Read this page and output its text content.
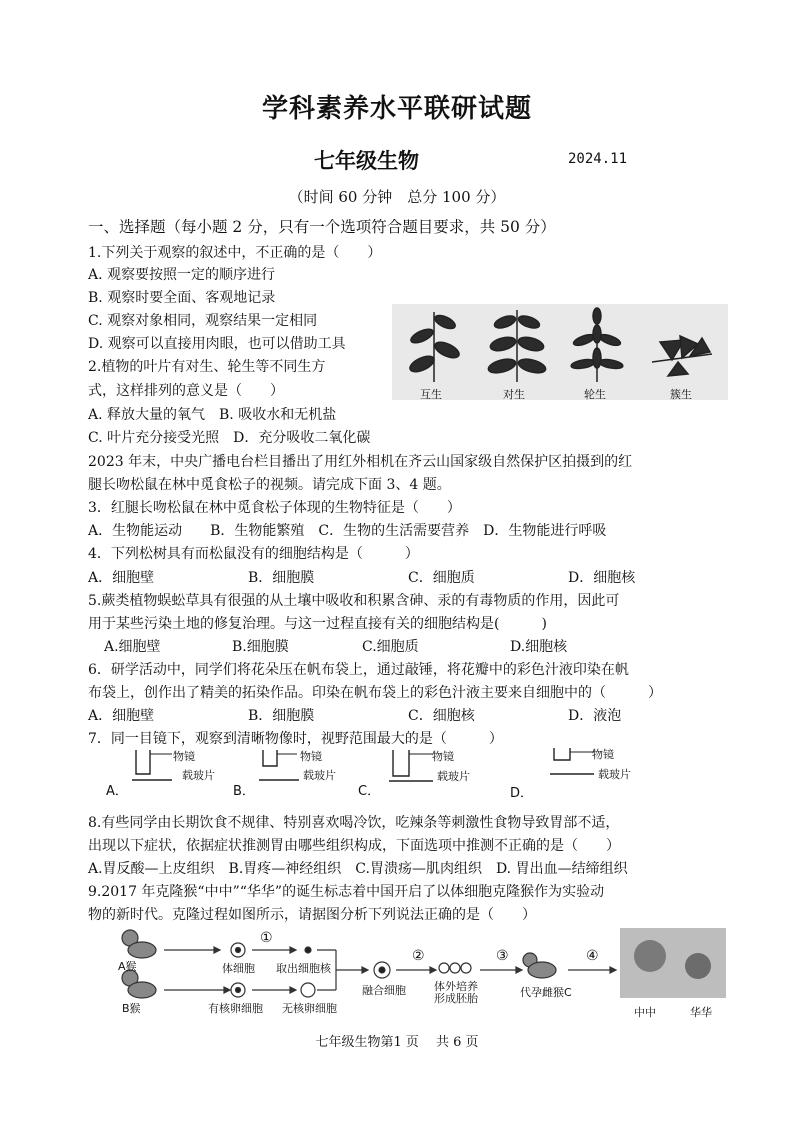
学科素养水平联研试题
七年级生物	2024.11
（时间 60 分钟　总分 100 分）
一、选择题（每小题 2 分，只有一个选项符合题目要求，共 50 分）
1.下列关于观察的叙述中，不正确的是（　　）
A. 观察要按照一定的顺序进行
B. 观察时要全面、客观地记录
C. 观察对象相同，观察结果一定相同
D. 观察可以直接用肉眼，也可以借助工具
2.植物的叶片有对生、轮生等不同生方
式，这样排列的意义是（　　）
A. 释放大量的氧气　B. 吸收水和无机盐
C. 叶片充分接受光照　D．充分吸收二氧化碳
互生	对生	轮生	簇生
2023 年末，中央广播电台栏目播出了用红外相机在齐云山国家级自然保护区拍摄到的红
腿长吻松鼠在林中觅食松子的视频。请完成下面 3、4 题。
3．红腿长吻松鼠在林中觅食松子体现的生物特征是（　　）
A．生物能运动　　B．生物能繁殖　C．生物的生活需要营养　D．生物能进行呼吸
4．下列松树具有而松鼠没有的细胞结构是（　　　）
A．细胞壁	B．细胞膜	C．细胞质	D．细胞核
5.蕨类植物蜈蚣草具有很强的从土壤中吸收和积累含砷、汞的有毒物质的作用，因此可
用于某些污染土地的修复治理。与这一过程直接有关的细胞结构是(　　　)
A.细胞壁	B.细胞膜	C.细胞质	D.细胞核
6．研学活动中，同学们将花朵压在帆布袋上，通过敲锤，将花瓣中的彩色汁液印染在帆
布袋上，创作出了精美的拓染作品。印染在帆布袋上的彩色汁液主要来自细胞中的（　　　）
A．细胞壁	B．细胞膜	C．细胞核	D．液泡
7．同一目镜下，观察到清晰物像时，视野范围最大的是（　　　）
A．	B．	C．	D．
物镜
载玻片
物镜
载玻片
物镜
载玻片
物镜
载玻片
8.有些同学由长期饮食不规律、特别喜欢喝冷饮，吃辣条等刺激性食物导致胃部不适，
出现以下症状，依据症状推测胃由哪些组织构成，下面选项中推测不正确的是（　　）
A.胃反酸—上皮组织　B.胃疼—神经组织　C.胃溃疡—肌肉组织　D. 胃出血—结缔组织
9.2017 年克隆猴“中中”“华华”的诞生标志着中国开启了以体细胞克隆猴作为实验动
物的新时代。克隆过程如图所示，请据图分析下列说法正确的是（　　）
A猴
B猴
体细胞 取出细胞核
有核卵细胞 无核卵细胞
融合细胞	体外培养
形成胚胎	代孕雌猴C
①
②	③	④
中中	华华
七年级生物第1 页　 共 6 页
